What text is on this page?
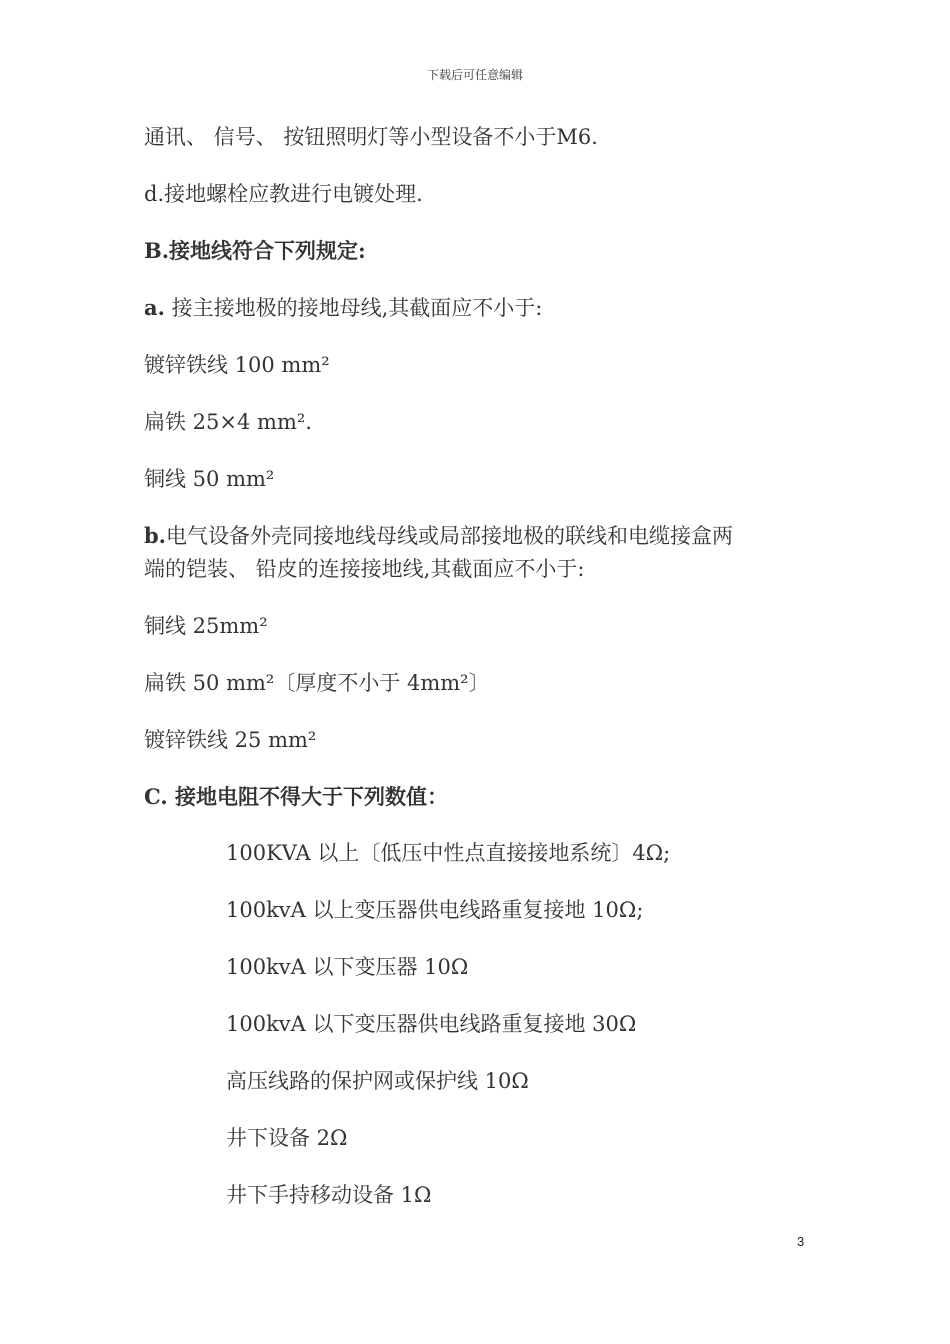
下载后可任意编辑
通讯、 信号、 按钮照明灯等小型设备不小于M6.
d.接地螺栓应教进行电镀处理.
B.接地线符合下列规定:
a. 接主接地极的接地母线,其截面应不小于:
镀锌铁线 100 mm²
扁铁 25×4 mm².
铜线 50 mm²
b.电气设备外壳同接地线母线或局部接地极的联线和电缆接盒两
端的铠装、 铅皮的连接接地线,其截面应不小于:
铜线 25mm²
扁铁 50 mm²〔厚度不小于 4mm²〕
镀锌铁线 25 mm²
C. 接地电阻不得大于下列数值：
100KVA 以上〔低压中性点直接接地系统〕4Ω;
100kvA 以上变压器供电线路重复接地 10Ω;
100kvA 以下变压器 10Ω
100kvA 以下变压器供电线路重复接地 30Ω
高压线路的保护网或保护线 10Ω
井下设备 2Ω
井下手持移动设备 1Ω
3
